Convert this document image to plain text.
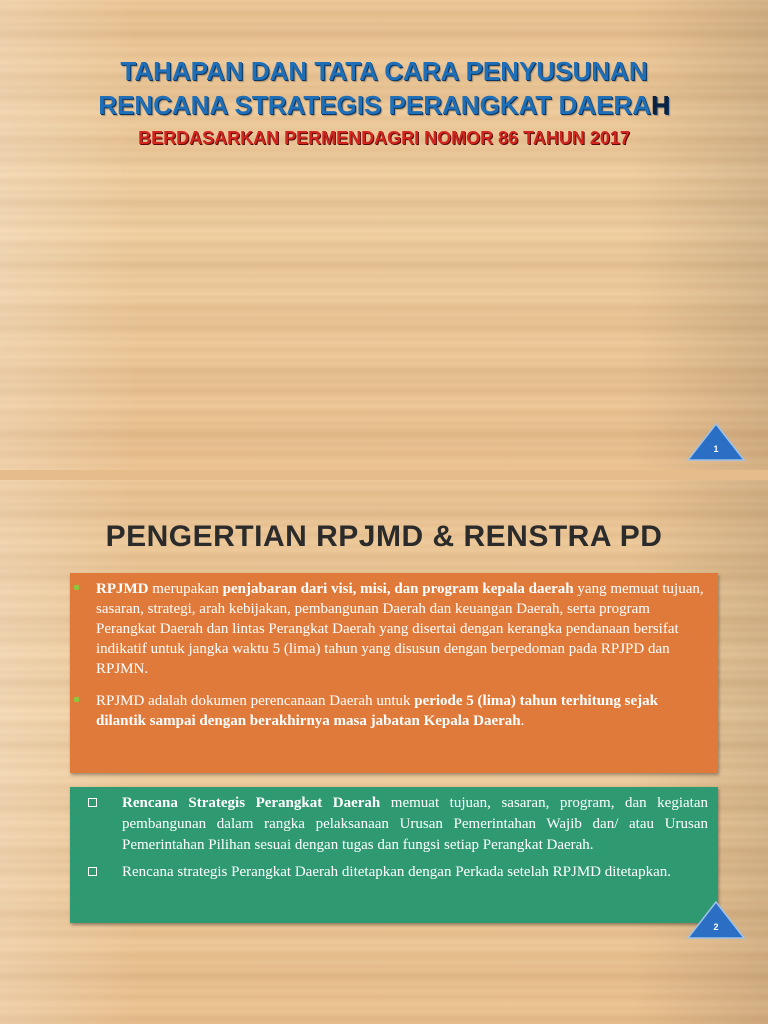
TAHAPAN DAN TATA CARA PENYUSUNAN
RENCANA STRATEGIS PERANGKAT DAERAH
BERDASARKAN PERMENDAGRI NOMOR 86 TAHUN 2017
1
PENGERTIAN RPJMD & RENSTRA PD

RPJMD merupakan penjabaran dari visi, misi, dan program kepala daerah yang memuat tujuan, sasaran, strategi, arah kebijakan, pembangunan Daerah dan keuangan Daerah, serta program Perangkat Daerah dan lintas Perangkat Daerah yang disertai dengan kerangka pendanaan bersifat indikatif untuk jangka waktu 5 (lima) tahun yang disusun dengan berpedoman pada RPJPD dan RPJMN.

RPJMD adalah dokumen perencanaan Daerah untuk periode 5 (lima) tahun terhitung sejak dilantik sampai dengan berakhirnya masa jabatan Kepala Daerah.

Rencana Strategis Perangkat Daerah memuat tujuan, sasaran, program, dan kegiatan pembangunan dalam rangka pelaksanaan Urusan Pemerintahan Wajib dan/ atau Urusan Pemerintahan Pilihan sesuai dengan tugas dan fungsi setiap Perangkat Daerah.

Rencana strategis Perangkat Daerah ditetapkan dengan Perkada setelah RPJMD ditetapkan.

2
